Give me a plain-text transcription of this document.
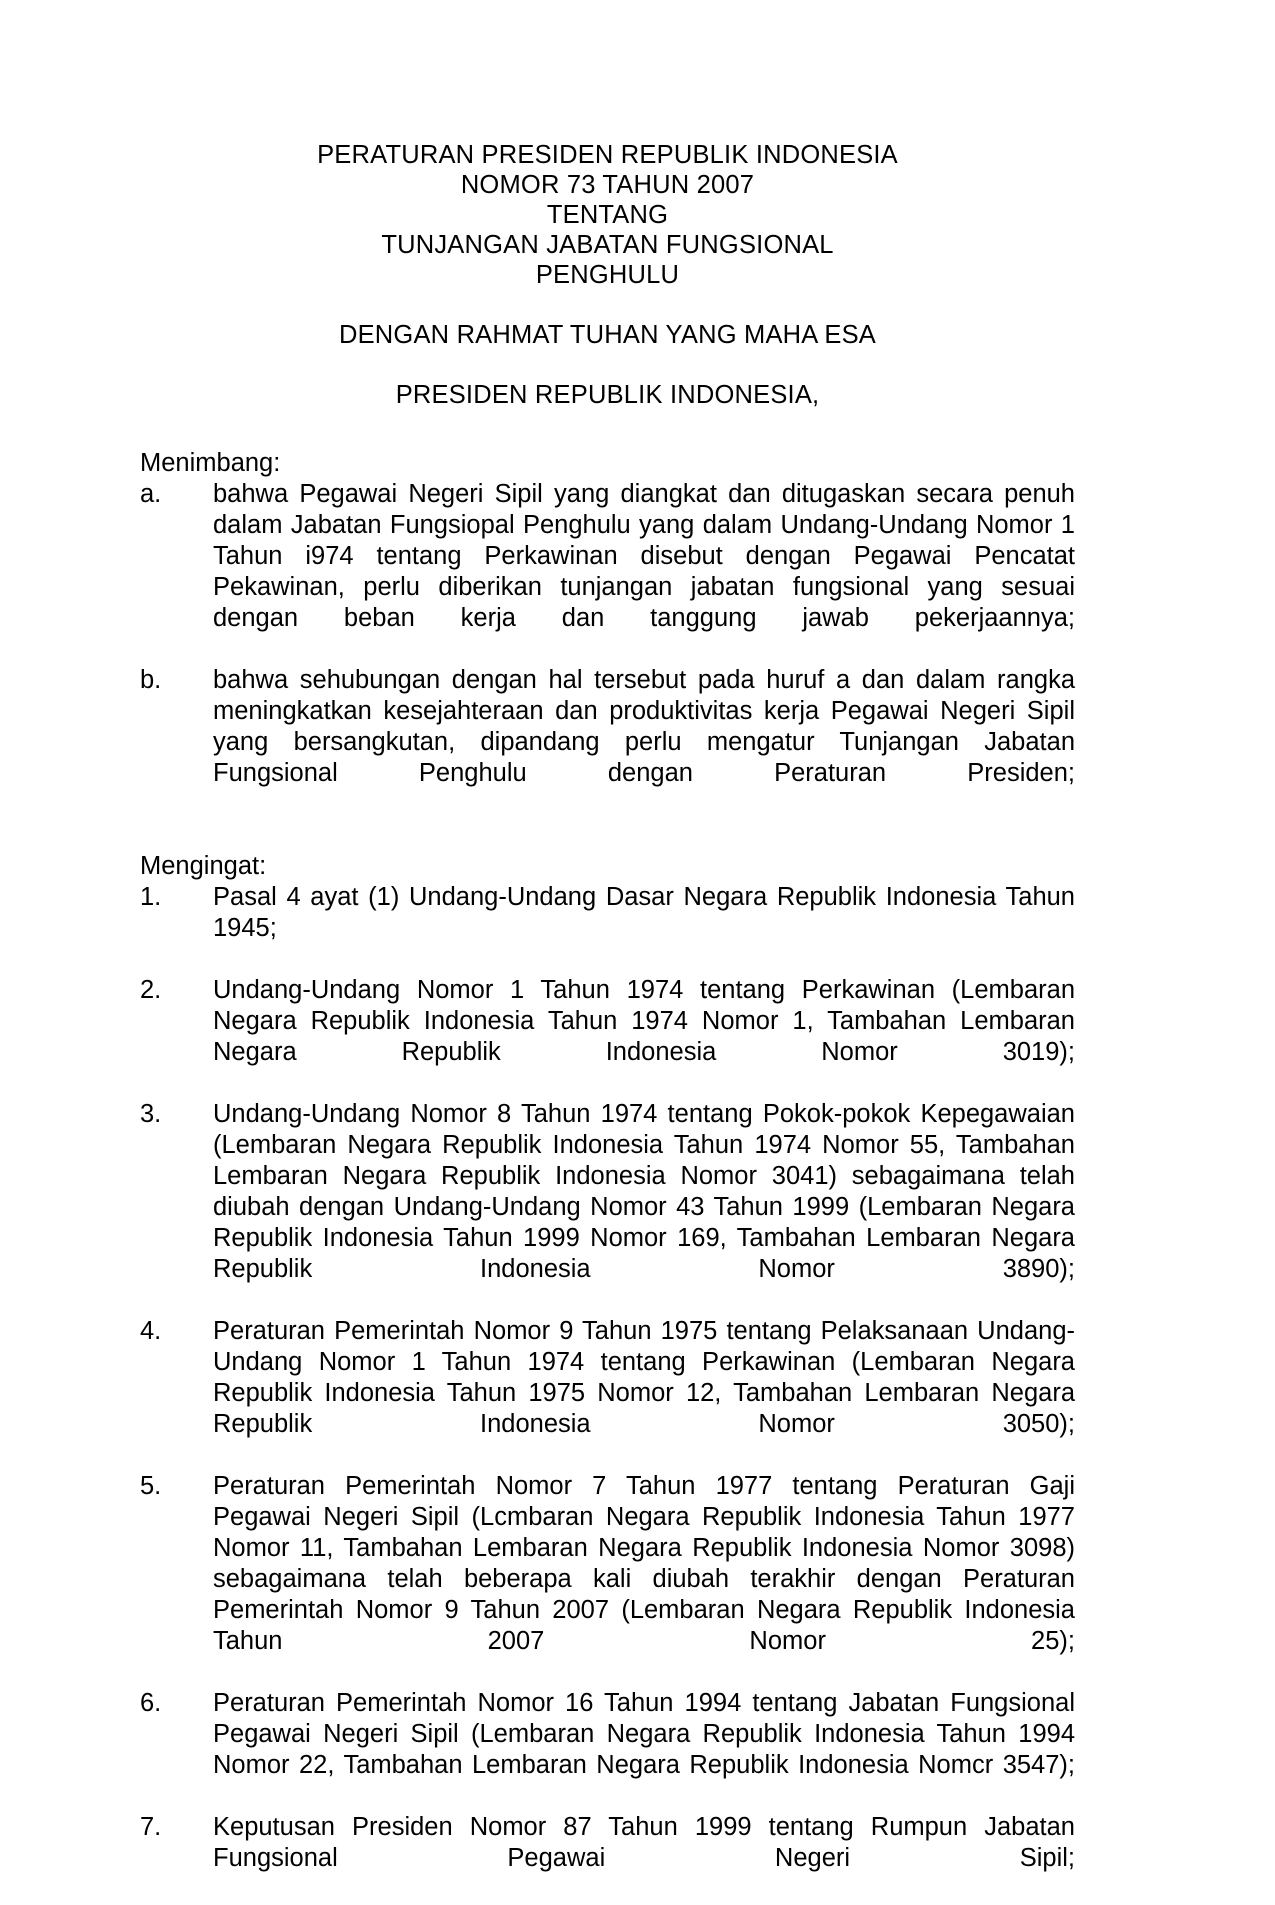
PERATURAN PRESIDEN REPUBLIK INDONESIA
NOMOR 73 TAHUN 2007
TENTANG
TUNJANGAN JABATAN FUNGSIONAL
PENGHULU
DENGAN RAHMAT TUHAN YANG MAHA ESA
PRESIDEN REPUBLIK INDONESIA,
Menimbang:
a.	bahwa Pegawai Negeri Sipil yang diangkat dan ditugaskan secara penuh dalam Jabatan Fungsiopal Penghulu yang dalam Undang-Undang Nomor 1 Tahun i974 tentang Perkawinan disebut dengan Pegawai Pencatat Pekawinan, perlu diberikan tunjangan jabatan fungsional yang sesuai dengan beban kerja dan tanggung jawab pekerjaannya;

b.	bahwa sehubungan dengan hal tersebut pada huruf a dan dalam rangka meningkatkan kesejahteraan dan produktivitas kerja Pegawai Negeri Sipil yang bersangkutan, dipandang perlu mengatur Tunjangan Jabatan Fungsional Penghulu dengan Peraturan Presiden;

Mengingat:
1.	Pasal 4 ayat (1) Undang-Undang Dasar Negara Republik Indonesia Tahun 1945;

2.	Undang-Undang Nomor 1 Tahun 1974 tentang Perkawinan (Lembaran Negara Republik Indonesia Tahun 1974 Nomor 1, Tambahan Lembaran Negara Republik Indonesia Nomor 3019);

3.	Undang-Undang Nomor 8 Tahun 1974 tentang Pokok-pokok Kepegawaian (Lembaran Negara Republik Indonesia Tahun 1974 Nomor 55, Tambahan Lembaran Negara Republik Indonesia Nomor 3041) sebagaimana telah diubah dengan Undang-Undang Nomor 43 Tahun 1999 (Lembaran Negara Republik Indonesia Tahun 1999 Nomor 169, Tambahan Lembaran Negara Republik Indonesia Nomor 3890);

4.	Peraturan Pemerintah Nomor 9 Tahun 1975 tentang Pelaksanaan Undang-Undang Nomor 1 Tahun 1974 tentang Perkawinan (Lembaran Negara Republik Indonesia Tahun 1975 Nomor 12, Tambahan Lembaran Negara Republik Indonesia Nomor 3050);

5.	Peraturan Pemerintah Nomor 7 Tahun 1977 tentang Peraturan Gaji Pegawai Negeri Sipil (Lcmbaran Negara Republik Indonesia Tahun 1977 Nomor 11, Tambahan Lembaran Negara Republik Indonesia Nomor 3098) sebagaimana telah beberapa kali diubah terakhir dengan Peraturan Pemerintah Nomor 9 Tahun 2007 (Lembaran Negara Republik Indonesia Tahun 2007 Nomor 25);

6.	Peraturan Pemerintah Nomor 16 Tahun 1994 tentang Jabatan Fungsional Pegawai Negeri Sipil (Lembaran Negara Republik Indonesia Tahun 1994 Nomor 22, Tambahan Lembaran Negara Republik Indonesia Nomcr 3547);

7.	Keputusan Presiden Nomor 87 Tahun 1999 tentang Rumpun Jabatan Fungsional Pegawai Negeri Sipil;
